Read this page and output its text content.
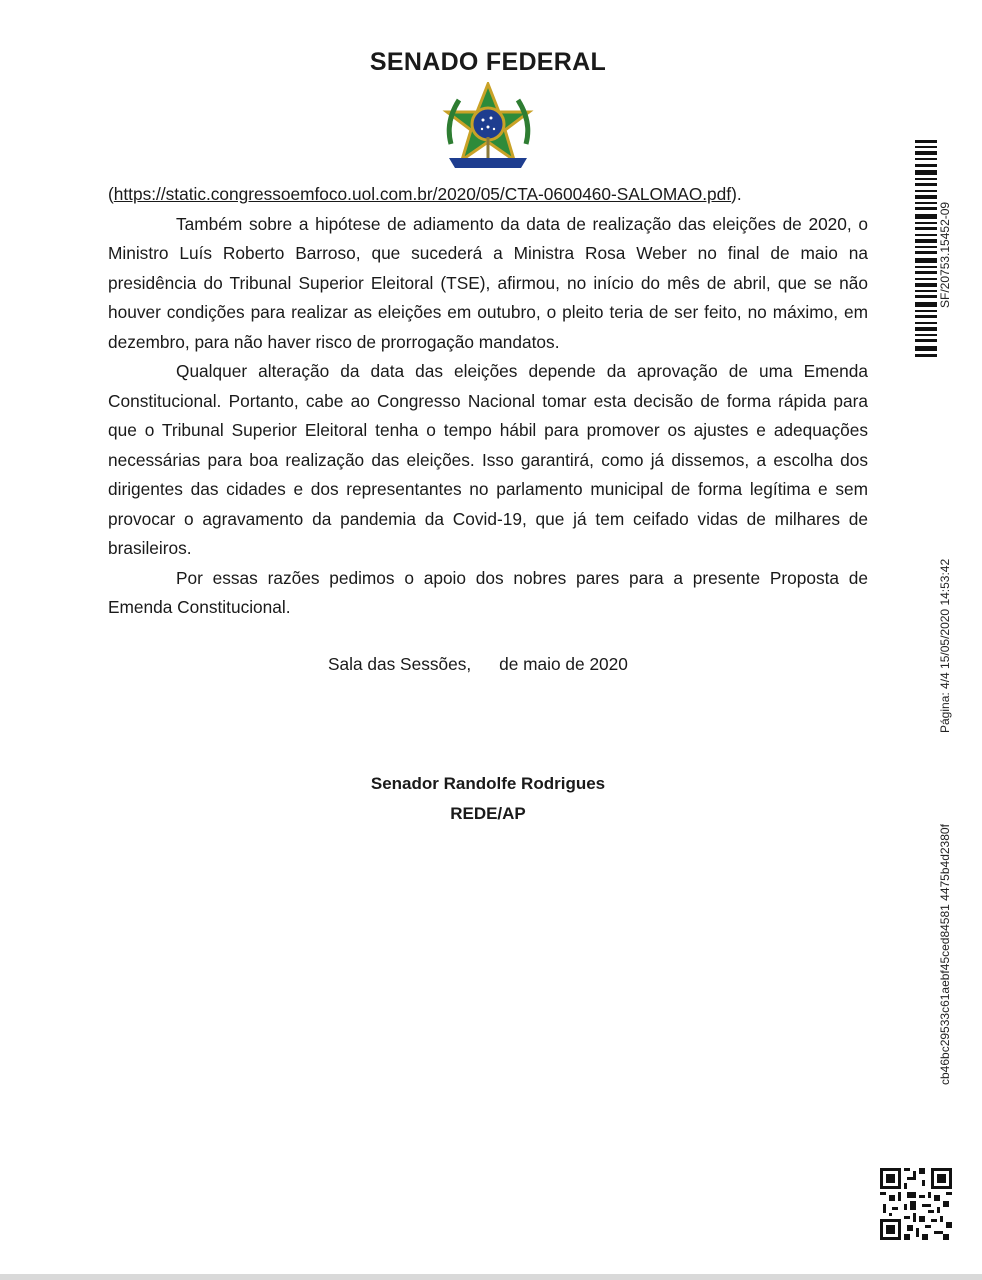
SENADO FEDERAL

(https://static.congressoemfoco.uol.com.br/2020/05/CTA-0600460-SALOMAO.pdf).

Também sobre a hipótese de adiamento da data de realização das eleições de 2020, o Ministro Luís Roberto Barroso, que sucederá a Ministra Rosa Weber no final de maio na presidência do Tribunal Superior Eleitoral (TSE), afirmou, no início do mês de abril, que se não houver condições para realizar as eleições em outubro, o pleito teria de ser feito, no máximo, em dezembro, para não haver risco de prorrogação mandatos.

Qualquer alteração da data das eleições depende da aprovação de uma Emenda Constitucional. Portanto, cabe ao Congresso Nacional tomar esta decisão de forma rápida para que o Tribunal Superior Eleitoral tenha o tempo hábil para promover os ajustes e adequações necessárias para boa realização das eleições. Isso garantirá, como já dissemos, a escolha dos dirigentes das cidades e dos representantes no parlamento municipal de forma legítima e sem provocar o agravamento da pandemia da Covid-19, que já tem ceifado vidas de milhares de brasileiros.

Por essas razões pedimos o apoio dos nobres pares para a presente Proposta de Emenda Constitucional.

Sala das Sessões, de maio de 2020
Senador Randolfe Rodrigues
REDE/AP
SF/20753.15452-09
Página: 4/4 15/05/2020 14:53:42
cb46bc29533c61aebf45ced84581 4475b4d2380f
